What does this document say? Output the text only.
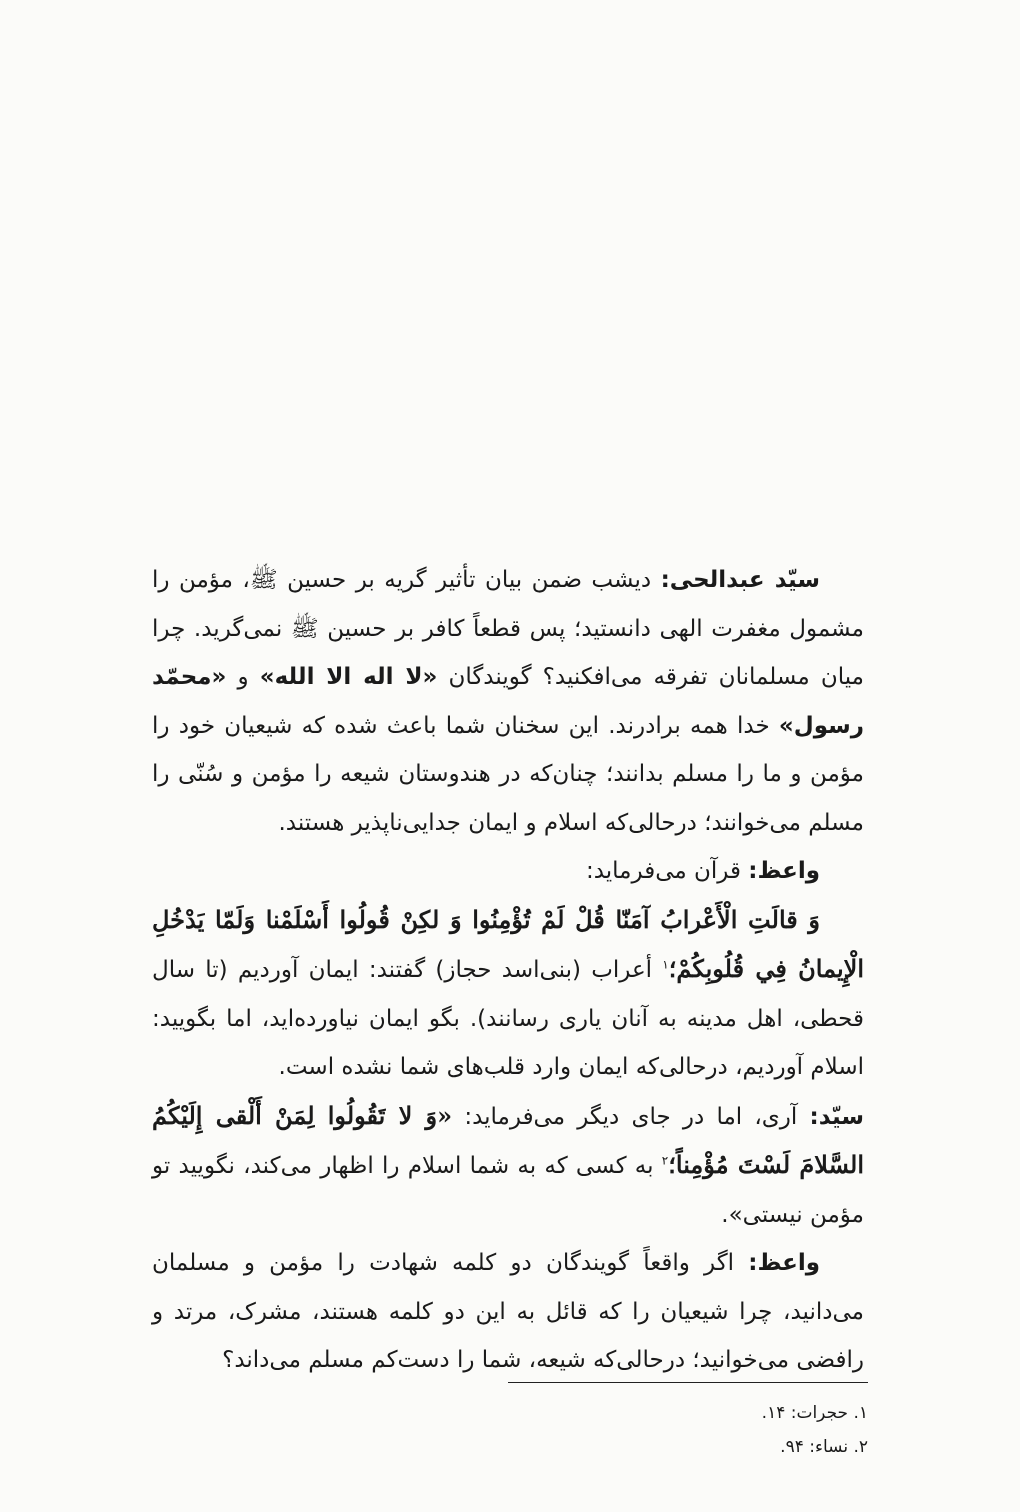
سیّد عبدالحی: دیشب ضمن بیان تأثیر گریه بر حسین ﷺ، مؤمن را مشمول مغفرت الهی دانستید؛ پس قطعاً کافر بر حسین ﷺ نمی‌گرید. چرا میان مسلمانان تفرقه می‌افکنید؟ گویندگان «لا اله الا الله» و «محمّد رسول» خدا همه برادرند. این سخنان شما باعث شده که شیعیان خود را مؤمن و ما را مسلم بدانند؛ چنان‌که در هندوستان شیعه را مؤمن و سُنّی را مسلم می‌خوانند؛ درحالی‌که اسلام و ایمان جدایی‌ناپذیر هستند.

واعظ: قرآن می‌فرماید:

وَ قالَتِ الْأَعْرابُ آمَنّا قُلْ لَمْ تُؤْمِنُوا وَ لكِنْ قُولُوا أَسْلَمْنا وَلَمّا يَدْخُلِ الْإِيمانُ فِي قُلُوبِكُمْ؛$^۱$ أعراب (بنی‌اسد حجاز) گفتند: ایمان آوردیم (تا سال قحطی، اهل مدینه به آنان یاری رسانند). بگو ایمان نیاورده‌اید، اما بگویید: اسلام آوردیم، درحالی‌که ایمان وارد قلب‌های شما نشده است.

سیّد: آری، اما در جای دیگر می‌فرماید: «وَ لا تَقُولُوا لِمَنْ أَلْقى إِلَيْكُمُ السَّلامَ لَسْتَ مُؤْمِناً؛$^۲$ به کسی که به شما اسلام را اظهار می‌کند، نگویید تو مؤمن نیستی».

واعظ: اگر واقعاً گویندگان دو کلمه شهادت را مؤمن و مسلمان می‌دانید، چرا شیعیان را که قائل به این دو کلمه هستند، مشرک، مرتد و رافضی می‌خوانید؛ درحالی‌که شیعه، شما را دست‌کم مسلم می‌داند؟

۱. حجرات: ۱۴.

۲. نساء: ۹۴.
